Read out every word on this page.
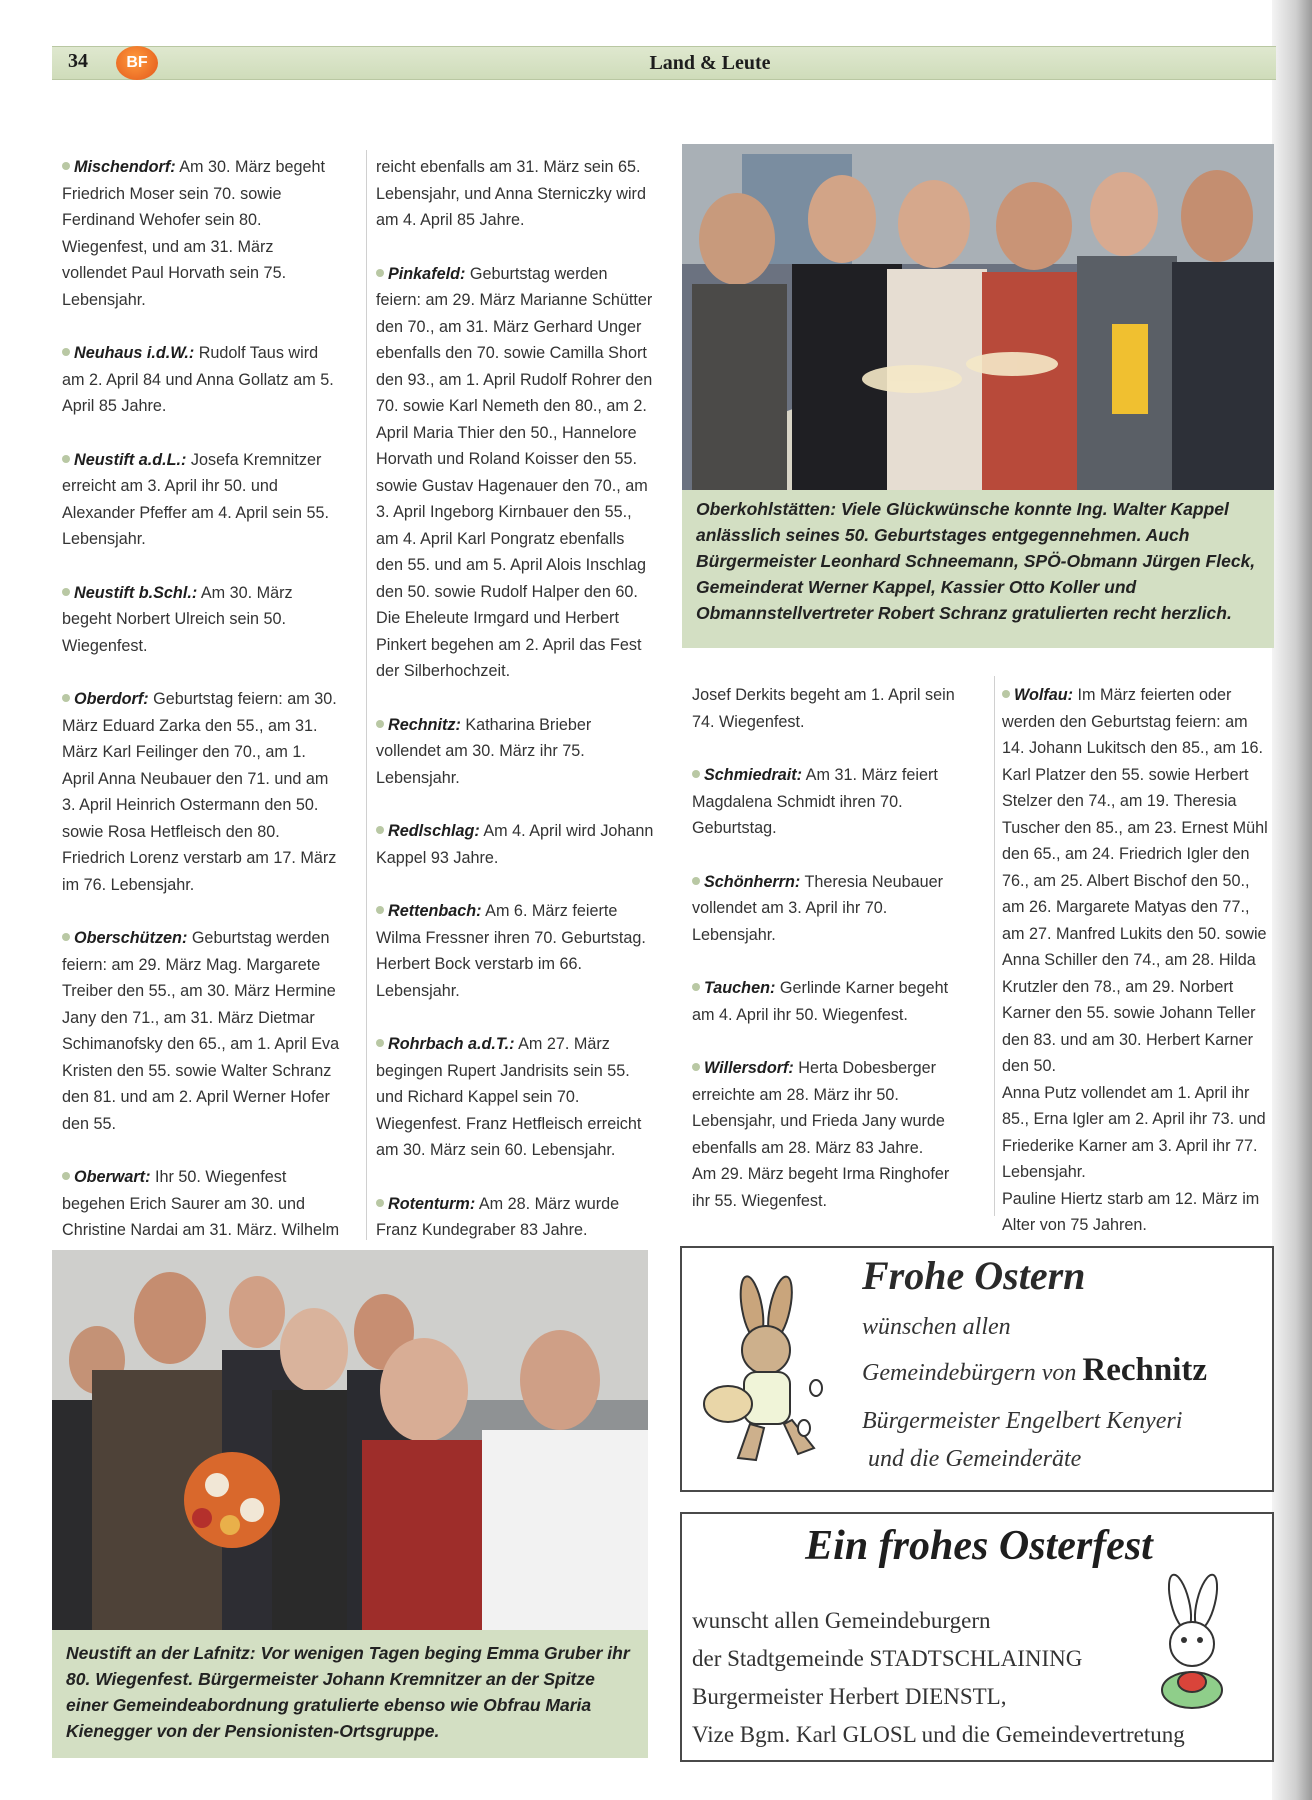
34	BF	Land & Leute

Mischendorf: Am 30. März begeht Friedrich Moser sein 70. sowie Ferdinand Wehofer sein 80. Wiegenfest, und am 31. März vollendet Paul Horvath sein 75. Lebensjahr.

Neuhaus i.d.W.: Rudolf Taus wird am 2. April 84 und Anna Gollatz am 5. April 85 Jahre.

Neustift a.d.L.: Josefa Kremnitzer erreicht am 3. April ihr 50. und Alexander Pfeffer am 4. April sein 55. Lebensjahr.

Neustift b.Schl.: Am 30. März begeht Norbert Ulreich sein 50. Wiegenfest.

Oberdorf: Geburtstag feiern: am 30. März Eduard Zarka den 55., am 31. März Karl Feilinger den 70., am 1. April Anna Neubauer den 71. und am 3. April Heinrich Ostermann den 50. sowie Rosa Hetfleisch den 80.

Friedrich Lorenz verstarb am 17. März im 76. Lebensjahr.

Oberschützen: Geburtstag werden feiern: am 29. März Mag. Margarete Treiber den 55., am 30. März Hermine Jany den 71., am 31. März Dietmar Schimanofsky den 65., am 1. April Eva Kristen den 55. sowie Walter Schranz den 81. und am 2. April Werner Hofer den 55.

Oberwart: Ihr 50. Wiegenfest begehen Erich Saurer am 30. und Christine Nardai am 31. März. Wilhelm

reicht ebenfalls am 31. März sein 65. Lebensjahr, und Anna Sterniczky wird am 4. April 85 Jahre.

Pinkafeld: Geburtstag werden feiern: am 29. März Marianne Schütter den 70., am 31. März Gerhard Unger ebenfalls den 70. sowie Camilla Short den 93., am 1. April Rudolf Rohrer den 70. sowie Karl Nemeth den 80., am 2. April Maria Thier den 50., Hannelore Horvath und Roland Koisser den 55. sowie Gustav Hagenauer den 70., am 3. April Ingeborg Kirnbauer den 55., am 4. April Karl Pongratz ebenfalls den 55. und am 5. April Alois Inschlag den 50. sowie Rudolf Halper den 60.

Die Eheleute Irmgard und Herbert Pinkert begehen am 2. April das Fest der Silberhochzeit.

Rechnitz: Katharina Brieber vollendet am 30. März ihr 75. Lebensjahr.

Redlschlag: Am 4. April wird Johann Kappel 93 Jahre.

Rettenbach: Am 6. März feierte Wilma Fressner ihren 70. Geburtstag. Herbert Bock verstarb im 66. Lebensjahr.

Rohrbach a.d.T.: Am 27. März begingen Rupert Jandrisits sein 55. und Richard Kappel sein 70. Wiegenfest. Franz Hetfleisch erreicht am 30. März sein 60. Lebensjahr.

Rotenturm: Am 28. März wurde Franz Kundegraber 83 Jahre.

Oberkohlstätten: Viele Glückwünsche konnte Ing. Walter Kappel anlässlich seines 50. Geburtstages entgegennehmen. Auch Bürgermeister Leonhard Schneemann, SPÖ-Obmann Jürgen Fleck, Gemeinderat Werner Kappel, Kassier Otto Koller und Obmannstellvertreter Robert Schranz gratulierten recht herzlich.

Josef Derkits begeht am 1. April sein 74. Wiegenfest.

Schmiedrait: Am 31. März feiert Magdalena Schmidt ihren 70. Geburtstag.

Schönherrn: Theresia Neubauer vollendet am 3. April ihr 70. Lebensjahr.

Tauchen: Gerlinde Karner begeht am 4. April ihr 50. Wiegenfest.

Willersdorf: Herta Dobesberger erreichte am 28. März ihr 50. Lebensjahr, und Frieda Jany wurde ebenfalls am 28. März 83 Jahre.

Am 29. März begeht Irma Ringhofer ihr 55. Wiegenfest.

Wolfau: Im März feierten oder werden den Geburtstag feiern: am 14. Johann Lukitsch den 85., am 16. Karl Platzer den 55. sowie Herbert Stelzer den 74., am 19. Theresia Tuscher den 85., am 23. Ernest Mühl den 65., am 24. Friedrich Igler den 76., am 25. Albert Bischof den 50., am 26. Margarete Matyas den 77., am 27. Manfred Lukits den 50. sowie Anna Schiller den 74., am 28. Hilda Krutzler den 78., am 29. Norbert Karner den 55. sowie Johann Teller den 83. und am 30. Herbert Karner den 50.

Anna Putz vollendet am 1. April ihr 85., Erna Igler am 2. April ihr 73. und Friederike Karner am 3. April ihr 77. Lebensjahr.

Pauline Hiertz starb am 12. März im Alter von 75 Jahren.

Neustift an der Lafnitz: Vor wenigen Tagen beging Emma Gruber ihr 80. Wiegenfest. Bürgermeister Johann Kremnitzer an der Spitze einer Gemeindeabordnung gratulierte ebenso wie Obfrau Maria Kienegger von der Pensionisten-Ortsgruppe.
Frohe Ostern
wünschen allen
Gemeindebürgern von Rechnitz
Bürgermeister Engelbert Kenyeri
und die Gemeinderäte
Ein frohes Osterfest
wunscht allen Gemeindeburgern
der Stadtgemeinde STADTSCHLAINING
Burgermeister Herbert DIENSTL,
Vize Bgm. Karl GLOSL und die Gemeindevertretung
